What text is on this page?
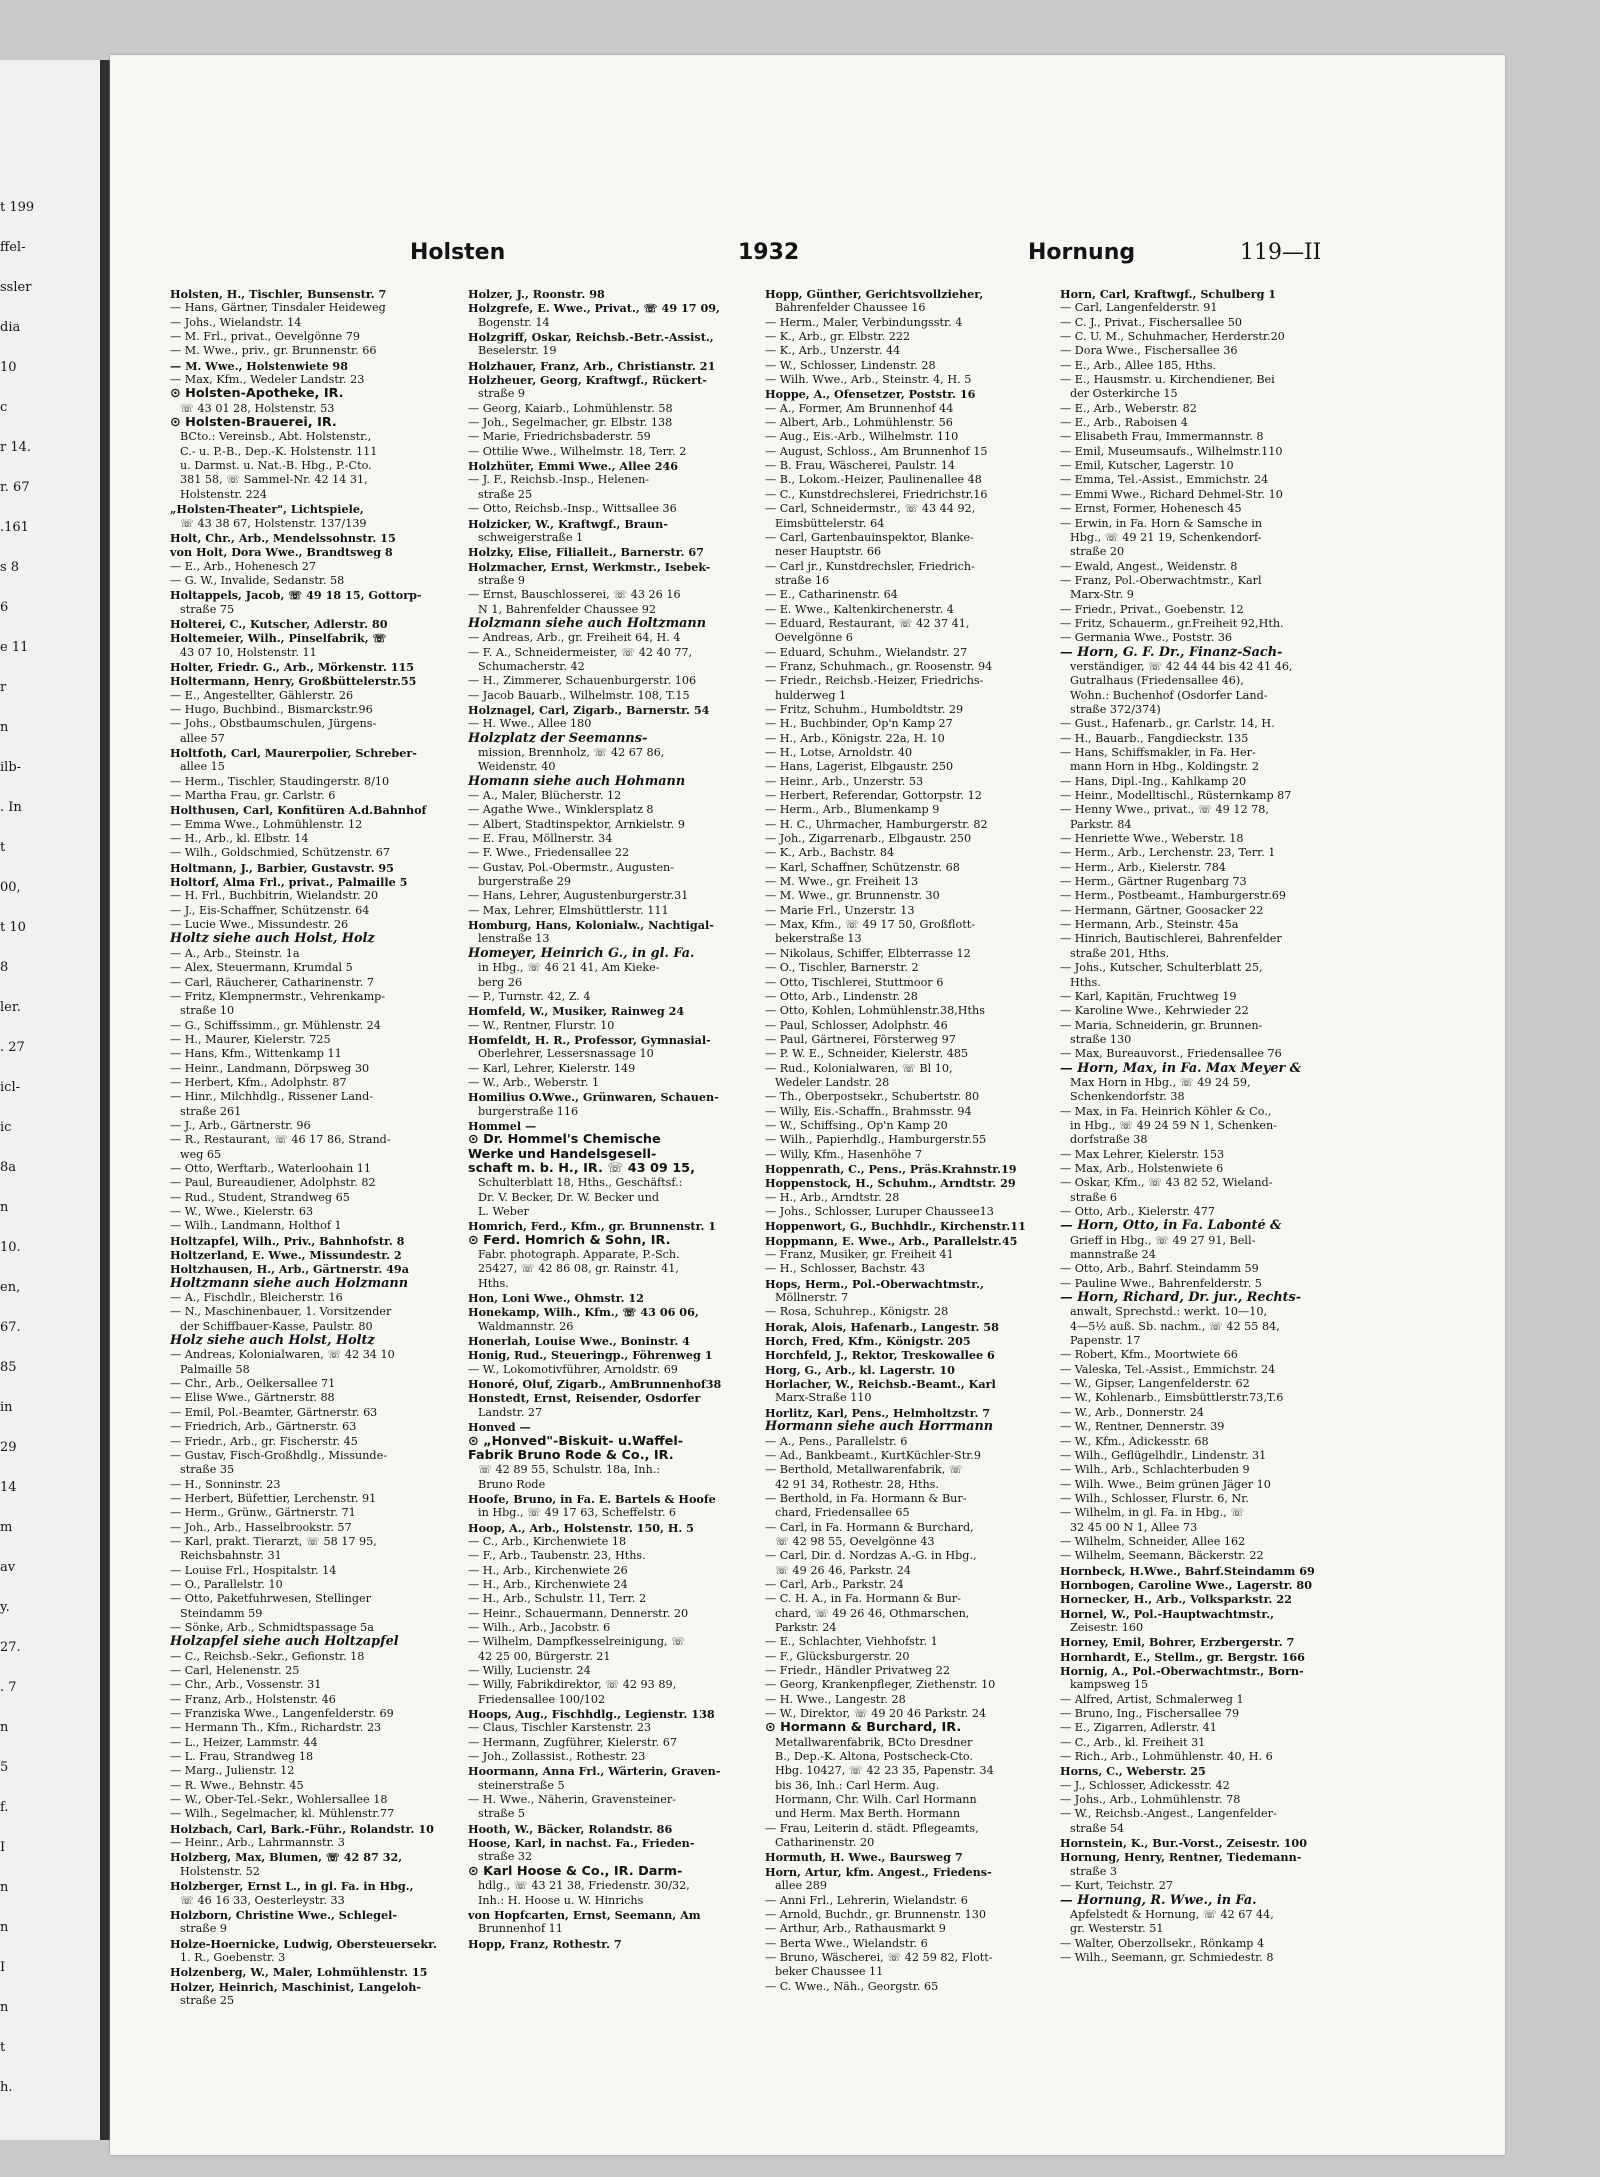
t 199
ffel-
ssler
dia
10
c
r 14.
r. 67
.161
s 8
6
e 11
r
n
ilb-
. In
t
00,
t 10
8
ler.
. 27
icl-
ic
8a
n
10.
en,
67.
85
in
29
14
m
av
y.
27.
. 7
n
5
f.
I
n
n
I
n
t
h.
Holsten	1932	Hornung	119—II
Holsten, H., Tischler, Bunsenstr. 7
— Hans, Gärtner, Tinsdaler Heideweg
— Johs., Wielandstr. 14
— M. Frl., privat., Oevelgönne 79
— M. Wwe., priv., gr. Brunnenstr. 66
— M. Wwe., Holstenwiete 98
— Max, Kfm., Wedeler Landstr. 23
⊙ Holsten-Apotheke, IR.
☏ 43 01 28, Holstenstr. 53
⊙ Holsten-Brauerei, IR.
BCto.: Vereinsb., Abt. Holstenstr.,
C.- u. P.-B., Dep.-K. Holstenstr. 111
u. Darmst. u. Nat.-B. Hbg., P.-Cto.
381 58, ☏ Sammel-Nr. 42 14 31,
Holstenstr. 224
„Holsten-Theater", Lichtspiele,
☏ 43 38 67, Holstenstr. 137/139
Holt, Chr., Arb., Mendelssohnstr. 15
von Holt, Dora Wwe., Brandtsweg 8
— E., Arb., Hohenesch 27
— G. W., Invalide, Sedanstr. 58
Holtappels, Jacob, ☏ 49 18 15, Gottorp-
straße 75
Holterei, C., Kutscher, Adlerstr. 80
Holtemeier, Wilh., Pinselfabrik, ☏
43 07 10, Holstenstr. 11
Holter, Friedr. G., Arb., Mörkenstr. 115
Holtermann, Henry, Großbüttelerstr.55
— E., Angestellter, Gählerstr. 26
— Hugo, Buchbind., Bismarckstr.96
— Johs., Obstbaumschulen, Jürgens-
allee 57
Holtfoth, Carl, Maurerpolier, Schreber-
allee 15
— Herm., Tischler, Staudingerstr. 8/10
— Martha Frau, gr. Carlstr. 6
Holthusen, Carl, Konfitüren A.d.Bahnhof
— Emma Wwe., Lohmühlenstr. 12
— H., Arb., kl. Elbstr. 14
— Wilh., Goldschmied, Schützenstr. 67
Holtmann, J., Barbier, Gustavstr. 95
Holtorf, Alma Frl., privat., Palmaille 5
— H. Frl., Buchbitrin, Wielandstr. 20
— J., Eis-Schaffner, Schützenstr. 64
— Lucie Wwe., Missundestr. 26
Holtz siehe auch Holst, Holz
— A., Arb., Steinstr. 1a
— Alex, Steuermann, Krumdal 5
— Carl, Räucherer, Catharinenstr. 7
— Fritz, Klempnermstr., Vehrenkamp-
straße 10
— G., Schiffssimm., gr. Mühlenstr. 24
— H., Maurer, Kielerstr. 725
— Hans, Kfm., Wittenkamp 11
— Heinr., Landmann, Dörpsweg 30
— Herbert, Kfm., Adolphstr. 87
— Hinr., Milchhdlg., Rissener Land-
straße 261
— J., Arb., Gärtnerstr. 96
— R., Restaurant, ☏ 46 17 86, Strand-
weg 65
— Otto, Werftarb., Waterloohain 11
— Paul, Bureaudiener, Adolphstr. 82
— Rud., Student, Strandweg 65
— W., Wwe., Kielerstr. 63
— Wilh., Landmann, Holthof 1
Holtzapfel, Wilh., Priv., Bahnhofstr. 8
Holtzerland, E. Wwe., Missundestr. 2
Holtzhausen, H., Arb., Gärtnerstr. 49a
Holtzmann siehe auch Holzmann
— A., Fischdlr., Bleicherstr. 16
— N., Maschinenbauer, 1. Vorsitzender
der Schiffbauer-Kasse, Paulstr. 80
Holz siehe auch Holst, Holtz
— Andreas, Kolonialwaren, ☏ 42 34 10
Palmaille 58
— Chr., Arb., Oelkersallee 71
— Elise Wwe., Gärtnerstr. 88
— Emil, Pol.-Beamter, Gärtnerstr. 63
— Friedrich, Arb., Gärtnerstr. 63
— Friedr., Arb., gr. Fischerstr. 45
— Gustav, Fisch-Großhdlg., Missunde-
straße 35
— H., Sonninstr. 23
— Herbert, Büfettier, Lerchenstr. 91
— Herm., Grünw., Gärtnerstr. 71
— Joh., Arb., Hasselbrookstr. 57
— Karl, prakt. Tierarzt, ☏ 58 17 95,
Reichsbahnstr. 31
— Louise Frl., Hospitalstr. 14
— O., Parallelstr. 10
— Otto, Paketfuhrwesen, Stellinger
Steindamm 59
— Sönke, Arb., Schmidtspassage 5a
Holzapfel siehe auch Holtzapfel
— C., Reichsb.-Sekr., Gefionstr. 18
— Carl, Helenenstr. 25
— Chr., Arb., Vossenstr. 31
— Franz, Arb., Holstenstr. 46
— Franziska Wwe., Langenfelderstr. 69
— Hermann Th., Kfm., Richardstr. 23
— L., Heizer, Lammstr. 44
— L. Frau, Strandweg 18
— Marg., Julienstr. 12
— R. Wwe., Behnstr. 45
— W., Ober-Tel.-Sekr., Wohlersallee 18
— Wilh., Segelmacher, kl. Mühlenstr.77
Holzbach, Carl, Bark.-Führ., Rolandstr. 10
— Heinr., Arb., Lahrmannstr. 3
Holzberg, Max, Blumen, ☏ 42 87 32,
Holstenstr. 52
Holzberger, Ernst L., in gl. Fa. in Hbg.,
☏ 46 16 33, Oesterleystr. 33
Holzborn, Christine Wwe., Schlegel-
straße 9
Holze-Hoernicke, Ludwig, Obersteuersekr.
1. R., Goebenstr. 3
Holzenberg, W., Maler, Lohmühlenstr. 15
Holzer, Heinrich, Maschinist, Langeloh-
straße 25
Holzer, J., Roonstr. 98
Holzgrefe, E. Wwe., Privat., ☏ 49 17 09,
Bogenstr. 14
Holzgriff, Oskar, Reichsb.-Betr.-Assist.,
Beselerstr. 19
Holzhauer, Franz, Arb., Christianstr. 21
Holzheuer, Georg, Kraftwgf., Rückert-
straße 9
— Georg, Kaiarb., Lohmühlenstr. 58
— Joh., Segelmacher, gr. Elbstr. 138
— Marie, Friedrichsbaderstr. 59
— Ottilie Wwe., Wilhelmstr. 18, Terr. 2
Holzhüter, Emmi Wwe., Allee 246
— J. F., Reichsb.-Insp., Helenen-
straße 25
— Otto, Reichsb.-Insp., Wittsallee 36
Holzicker, W., Kraftwgf., Braun-
schweigerstraße 1
Holzky, Elise, Filialleit., Barnerstr. 67
Holzmacher, Ernst, Werkmstr., Isebek-
straße 9
— Ernst, Bauschlosserei, ☏ 43 26 16
N 1, Bahrenfelder Chaussee 92
Holzmann siehe auch Holtzmann
— Andreas, Arb., gr. Freiheit 64, H. 4
— F. A., Schneidermeister, ☏ 42 40 77,
Schumacherstr. 42
— H., Zimmerer, Schauenburgerstr. 106
— Jacob Bauarb., Wilhelmstr. 108, T.15
Holznagel, Carl, Zigarb., Barnerstr. 54
— H. Wwe., Allee 180
Holzplatz der Seemanns-
mission, Brennholz, ☏ 42 67 86,
Weidenstr. 40
Homann siehe auch Hohmann
— A., Maler, Blücherstr. 12
— Agathe Wwe., Winklersplatz 8
— Albert, Stadtinspektor, Arnkielstr. 9
— E. Frau, Möllnerstr. 34
— F. Wwe., Friedensallee 22
— Gustav, Pol.-Obermstr., Augusten-
burgerstraße 29
— Hans, Lehrer, Augustenburgerstr.31
— Max, Lehrer, Elmshüttlerstr. 111
Homburg, Hans, Kolonialw., Nachtigal-
lenstraße 13
Homeyer, Heinrich G., in gl. Fa.
in Hbg., ☏ 46 21 41, Am Kieke-
berg 26
— P., Turnstr. 42, Z. 4
Homfeld, W., Musiker, Rainweg 24
— W., Rentner, Flurstr. 10
Homfeldt, H. R., Professor, Gymnasial-
Oberlehrer, Lessersnassage 10
— Karl, Lehrer, Kielerstr. 149
— W., Arb., Weberstr. 1
Homilius O.Wwe., Grünwaren, Schauen-
burgerstraße 116
Hommel —
⊙ Dr. Hommel's Chemische
Werke und Handelsgesell-
schaft m. b. H., IR. ☏ 43 09 15,
Schulterblatt 18, Hths., Geschäftsf.:
Dr. V. Becker, Dr. W. Becker und
L. Weber
Homrich, Ferd., Kfm., gr. Brunnenstr. 1
⊙ Ferd. Homrich & Sohn, IR.
Fabr. photograph. Apparate, P.-Sch.
25427, ☏ 42 86 08, gr. Rainstr. 41,
Hths.
Hon, Loni Wwe., Ohmstr. 12
Honekamp, Wilh., Kfm., ☏ 43 06 06,
Waldmannstr. 26
Honerlah, Louise Wwe., Boninstr. 4
Honig, Rud., Steueringp., Föhrenweg 1
— W., Lokomotivführer, Arnoldstr. 69
Honoré, Oluf, Zigarb., AmBrunnenhof38
Honstedt, Ernst, Reisender, Osdorfer
Landstr. 27
Honved —
⊙ „Honved"-Biskuit- u.Waffel-
Fabrik Bruno Rode & Co., IR.
☏ 42 89 55, Schulstr. 18a, Inh.:
Bruno Rode
Hoofe, Bruno, in Fa. E. Bartels & Hoofe
in Hbg., ☏ 49 17 63, Scheffelstr. 6
Hoop, A., Arb., Holstenstr. 150, H. 5
— C., Arb., Kirchenwiete 18
— F., Arb., Taubenstr. 23, Hths.
— H., Arb., Kirchenwiete 26
— H., Arb., Kirchenwiete 24
— H., Arb., Schulstr. 11, Terr. 2
— Heinr., Schauermann, Dennerstr. 20
— Wilh., Arb., Jacobstr. 6
— Wilhelm, Dampfkesselreinigung, ☏
42 25 00, Bürgerstr. 21
— Willy, Lucienstr. 24
— Willy, Fabrikdirektor, ☏ 42 93 89,
Friedensallee 100/102
Hoops, Aug., Fischhdlg., Legienstr. 138
— Claus, Tischler Karstenstr. 23
— Hermann, Zugführer, Kielerstr. 67
— Joh., Zollassist., Rothestr. 23
Hoormann, Anna Frl., Wärterin, Graven-
steinerstraße 5
— H. Wwe., Näherin, Gravensteiner-
straße 5
Hooth, W., Bäcker, Rolandstr. 86
Hoose, Karl, in nachst. Fa., Frieden-
straße 32
⊙ Karl Hoose & Co., IR. Darm-
hdlg., ☏ 43 21 38, Friedenstr. 30/32,
Inh.: H. Hoose u. W. Hinrichs
von Hopfcarten, Ernst, Seemann, Am
Brunnenhof 11
Hopp, Franz, Rothestr. 7
Hopp, Günther, Gerichtsvollzieher,
Bahrenfelder Chaussee 16
— Herm., Maler, Verbindungsstr. 4
— K., Arb., gr. Elbstr. 222
— K., Arb., Unzerstr. 44
— W., Schlosser, Lindenstr. 28
— Wilh. Wwe., Arb., Steinstr. 4, H. 5
Hoppe, A., Ofensetzer, Poststr. 16
— A., Former, Am Brunnenhof 44
— Albert, Arb., Lohmühlenstr. 56
— Aug., Eis.-Arb., Wilhelmstr. 110
— August, Schloss., Am Brunnenhof 15
— B. Frau, Wäscherei, Paulstr. 14
— B., Lokom.-Heizer, Paulinenallee 48
— C., Kunstdrechslerei, Friedrichstr.16
— Carl, Schneidermstr., ☏ 43 44 92,
Eimsbüttelerstr. 64
— Carl, Gartenbauinspektor, Blanke-
neser Hauptstr. 66
— Carl jr., Kunstdrechsler, Friedrich-
straße 16
— E., Catharinenstr. 64
— E. Wwe., Kaltenkirchenerstr. 4
— Eduard, Restaurant, ☏ 42 37 41,
Oevelgönne 6
— Eduard, Schuhm., Wielandstr. 27
— Franz, Schuhmach., gr. Roosenstr. 94
— Friedr., Reichsb.-Heizer, Friedrichs-
hulderweg 1
— Fritz, Schuhm., Humboldtstr. 29
— H., Buchbinder, Op'n Kamp 27
— H., Arb., Königstr. 22a, H. 10
— H., Lotse, Arnoldstr. 40
— Hans, Lagerist, Elbgaustr. 250
— Heinr., Arb., Unzerstr. 53
— Herbert, Referendar, Gottorpstr. 12
— Herm., Arb., Blumenkamp 9
— H. C., Uhrmacher, Hamburgerstr. 82
— Joh., Zigarrenarb., Elbgaustr. 250
— K., Arb., Bachstr. 84
— Karl, Schaffner, Schützenstr. 68
— M. Wwe., gr. Freiheit 13
— M. Wwe., gr. Brunnenstr. 30
— Marie Frl., Unzerstr. 13
— Max, Kfm., ☏ 49 17 50, Großflott-
bekerstraße 13
— Nikolaus, Schiffer, Elbterrasse 12
— O., Tischler, Barnerstr. 2
— Otto, Tischlerei, Stuttmoor 6
— Otto, Arb., Lindenstr. 28
— Otto, Kohlen, Lohmühlenstr.38,Hths
— Paul, Schlosser, Adolphstr. 46
— Paul, Gärtnerei, Försterweg 97
— P. W. E., Schneider, Kielerstr. 485
— Rud., Kolonialwaren, ☏ Bl 10,
Wedeler Landstr. 28
— Th., Oberpostsekr., Schubertstr. 80
— Willy, Eis.-Schaffn., Brahmsstr. 94
— W., Schiffsing., Op'n Kamp 20
— Wilh., Papierhdlg., Hamburgerstr.55
— Willy, Kfm., Hasenhöhe 7
Hoppenrath, C., Pens., Präs.Krahnstr.19
Hoppenstock, H., Schuhm., Arndtstr. 29
— H., Arb., Arndtstr. 28
— Johs., Schlosser, Luruper Chaussee13
Hoppenwort, G., Buchhdlr., Kirchenstr.11
Hoppmann, E. Wwe., Arb., Parallelstr.45
— Franz, Musiker, gr. Freiheit 41
— H., Schlosser, Bachstr. 43
Hops, Herm., Pol.-Oberwachtmstr.,
Möllnerstr. 7
— Rosa, Schuhrep., Königstr. 28
Horak, Alois, Hafenarb., Langestr. 58
Horch, Fred, Kfm., Königstr. 205
Horchfeld, J., Rektor, Treskowallee 6
Horg, G., Arb., kl. Lagerstr. 10
Horlacher, W., Reichsb.-Beamt., Karl
Marx-Straße 110
Horlitz, Karl, Pens., Helmholtzstr. 7
Hormann siehe auch Horrmann
— A., Pens., Parallelstr. 6
— Ad., Bankbeamt., KurtKüchler-Str.9
— Berthold, Metallwarenfabrik, ☏
42 91 34, Rothestr. 28, Hths.
— Berthold, in Fa. Hormann & Bur-
chard, Friedensallee 65
— Carl, in Fa. Hormann & Burchard,
☏ 42 98 55, Oevelgönne 43
— Carl, Dir. d. Nordzas A.-G. in Hbg.,
☏ 49 26 46, Parkstr. 24
— Carl, Arb., Parkstr. 24
— C. H. A., in Fa. Hormann & Bur-
chard, ☏ 49 26 46, Othmarschen,
Parkstr. 24
— E., Schlachter, Viehhofstr. 1
— F., Glücksburgerstr. 20
— Friedr., Händler Privatweg 22
— Georg, Krankenpfleger, Ziethenstr. 10
— H. Wwe., Langestr. 28
— W., Direktor, ☏ 49 20 46 Parkstr. 24
⊙ Hormann & Burchard, IR.
Metallwarenfabrik, BCto Dresdner
B., Dep.-K. Altona, Postscheck-Cto.
Hbg. 10427, ☏ 42 23 35, Papenstr. 34
bis 36, Inh.: Carl Herm. Aug.
Hormann, Chr. Wilh. Carl Hormann
und Herm. Max Berth. Hormann
— Frau, Leiterin d. städt. Pflegeamts,
Catharinenstr. 20
Hormuth, H. Wwe., Baursweg 7
Horn, Artur, kfm. Angest., Friedens-
allee 289
— Anni Frl., Lehrerin, Wielandstr. 6
— Arnold, Buchdr., gr. Brunnenstr. 130
— Arthur, Arb., Rathausmarkt 9
— Berta Wwe., Wielandstr. 6
— Bruno, Wäscherei, ☏ 42 59 82, Flott-
beker Chaussee 11
— C. Wwe., Näh., Georgstr. 65
Horn, Carl, Kraftwgf., Schulberg 1
— Carl, Langenfelderstr. 91
— C. J., Privat., Fischersallee 50
— C. U. M., Schuhmacher, Herderstr.20
— Dora Wwe., Fischersallee 36
— E., Arb., Allee 185, Hths.
— E., Hausmstr. u. Kirchendiener, Bei
der Osterkirche 15
— E., Arb., Weberstr. 82
— E., Arb., Raboisen 4
— Elisabeth Frau, Immermannstr. 8
— Emil, Museumsaufs., Wilhelmstr.110
— Emil, Kutscher, Lagerstr. 10
— Emma, Tel.-Assist., Emmichstr. 24
— Emmi Wwe., Richard Dehmel-Str. 10
— Ernst, Former, Hohenesch 45
— Erwin, in Fa. Horn & Samsche in
Hbg., ☏ 49 21 19, Schenkendorf-
straße 20
— Ewald, Angest., Weidenstr. 8
— Franz, Pol.-Oberwachtmstr., Karl
Marx-Str. 9
— Friedr., Privat., Goebenstr. 12
— Fritz, Schauerm., gr.Freiheit 92,Hth.
— Germania Wwe., Poststr. 36
— Horn, G. F. Dr., Finanz-Sach-
verständiger, ☏ 42 44 44 bis 42 41 46,
Gutralhaus (Friedensallee 46),
Wohn.: Buchenhof (Osdorfer Land-
straße 372/374)
— Gust., Hafenarb., gr. Carlstr. 14, H.
— H., Bauarb., Fangdieckstr. 135
— Hans, Schiffsmakler, in Fa. Her-
mann Horn in Hbg., Koldingstr. 2
— Hans, Dipl.-Ing., Kahlkamp 20
— Heinr., Modelltischl., Rüsternkamp 87
— Henny Wwe., privat., ☏ 49 12 78,
Parkstr. 84
— Henriette Wwe., Weberstr. 18
— Herm., Arb., Lerchenstr. 23, Terr. 1
— Herm., Arb., Kielerstr. 784
— Herm., Gärtner Rugenbarg 73
— Herm., Postbeamt., Hamburgerstr.69
— Hermann, Gärtner, Goosacker 22
— Hermann, Arb., Steinstr. 45a
— Hinrich, Bautischlerei, Bahrenfelder
straße 201, Hths.
— Johs., Kutscher, Schulterblatt 25,
Hths.
— Karl, Kapitän, Fruchtweg 19
— Karoline Wwe., Kehrwieder 22
— Maria, Schneiderin, gr. Brunnen-
straße 130
— Max, Bureauvorst., Friedensallee 76
— Horn, Max, in Fa. Max Meyer &
Max Horn in Hbg., ☏ 49 24 59,
Schenkendorfstr. 38
— Max, in Fa. Heinrich Köhler & Co.,
in Hbg., ☏ 49 24 59 N 1, Schenken-
dorfstraße 38
— Max Lehrer, Kielerstr. 153
— Max, Arb., Holstenwiete 6
— Oskar, Kfm., ☏ 43 82 52, Wieland-
straße 6
— Otto, Arb., Kielerstr. 477
— Horn, Otto, in Fa. Labonté &
Grieff in Hbg., ☏ 49 27 91, Bell-
mannstraße 24
— Otto, Arb., Bahrf. Steindamm 59
— Pauline Wwe., Bahrenfelderstr. 5
— Horn, Richard, Dr. jur., Rechts-
anwalt, Sprechstd.: werkt. 10—10,
4—5½ auß. Sb. nachm., ☏ 42 55 84,
Papenstr. 17
— Robert, Kfm., Moortwiete 66
— Valeska, Tel.-Assist., Emmichstr. 24
— W., Gipser, Langenfelderstr. 62
— W., Kohlenarb., Eimsbüttlerstr.73,T.6
— W., Arb., Donnerstr. 24
— W., Rentner, Dennerstr. 39
— W., Kfm., Adickesstr. 68
— Wilh., Geflügelhdlr., Lindenstr. 31
— Wilh., Arb., Schlachterbuden 9
— Wilh. Wwe., Beim grünen Jäger 10
— Wilh., Schlosser, Flurstr. 6, Nr.
— Wilhelm, in gl. Fa. in Hbg., ☏
32 45 00 N 1, Allee 73
— Wilhelm, Schneider, Allee 162
— Wilhelm, Seemann, Bäckerstr. 22
Hornbeck, H.Wwe., Bahrf.Steindamm 69
Hornbogen, Caroline Wwe., Lagerstr. 80
Hornecker, H., Arb., Volksparkstr. 22
Hornel, W., Pol.-Hauptwachtmstr.,
Zeisestr. 160
Horney, Emil, Bohrer, Erzbergerstr. 7
Hornhardt, E., Stellm., gr. Bergstr. 166
Hornig, A., Pol.-Oberwachtmstr., Born-
kampsweg 15
— Alfred, Artist, Schmalerweg 1
— Bruno, Ing., Fischersallee 79
— E., Zigarren, Adlerstr. 41
— C., Arb., kl. Freiheit 31
— Rich., Arb., Lohmühlenstr. 40, H. 6
Horns, C., Weberstr. 25
— J., Schlosser, Adickesstr. 42
— Johs., Arb., Lohmühlenstr. 78
— W., Reichsb.-Angest., Langenfelder-
straße 54
Hornstein, K., Bur.-Vorst., Zeisestr. 100
Hornung, Henry, Rentner, Tiedemann-
straße 3
— Kurt, Teichstr. 27
— Hornung, R. Wwe., in Fa.
Apfelstedt & Hornung, ☏ 42 67 44,
gr. Westerstr. 51
— Walter, Oberzollsekr., Rönkamp 4
— Wilh., Seemann, gr. Schmiedestr. 8
